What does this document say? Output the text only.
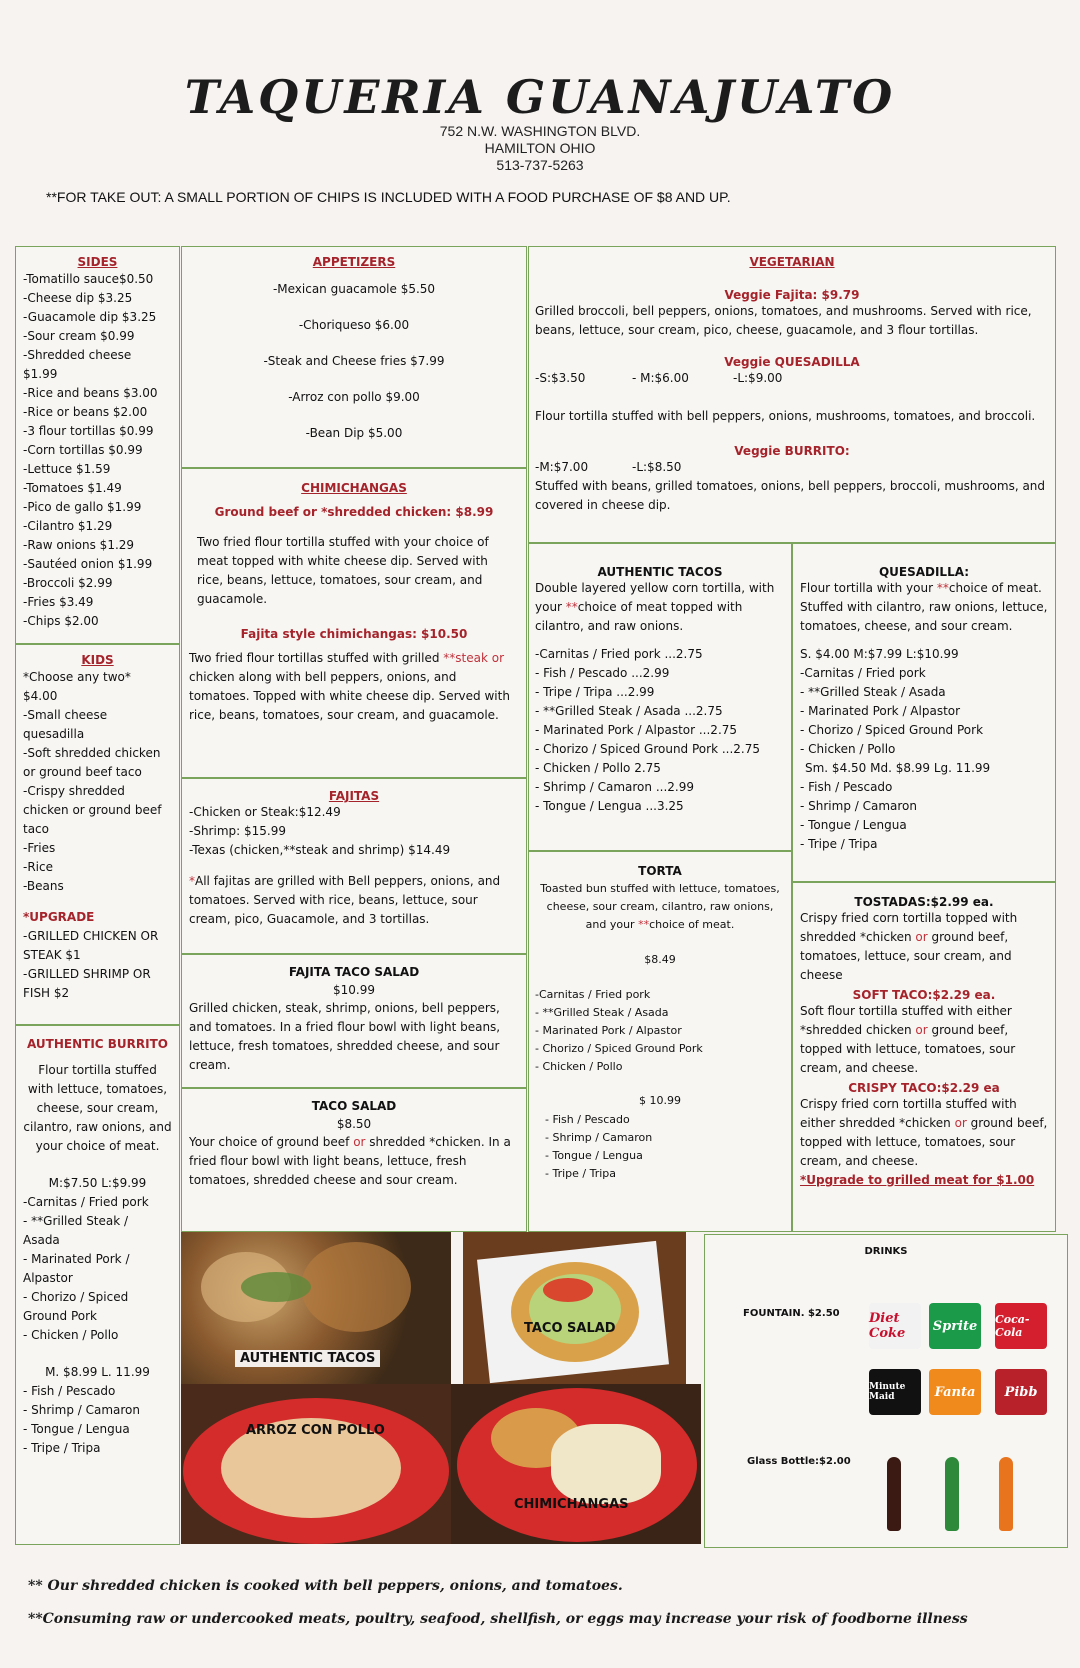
TAQUERIA GUANAJUATO
752 N.W. WASHINGTON BLVD.
HAMILTON OHIO
513-737-5263
**FOR TAKE OUT: A SMALL PORTION OF CHIPS IS INCLUDED WITH A FOOD PURCHASE OF $8 AND UP.
SIDES
-Tomatillo sauce$0.50
-Cheese dip $3.25
-Guacamole dip $3.25
-Sour cream $0.99
-Shredded cheese
$1.99
-Rice and beans $3.00
-Rice or beans $2.00
-3 flour tortillas $0.99
-Corn tortillas $0.99
-Lettuce $1.59
-Tomatoes $1.49
-Pico de gallo $1.99
-Cilantro $1.29
-Raw onions $1.29
-Sautéed onion $1.99
-Broccoli $2.99
-Fries $3.49
-Chips $2.00
KIDS
*Choose any two*
$4.00
-Small cheese
quesadilla
-Soft shredded chicken
or ground beef taco
-Crispy shredded
chicken or ground beef
taco
-Fries
-Rice
-Beans
*UPGRADE
-GRILLED CHICKEN OR
STEAK $1
-GRILLED SHRIMP OR
FISH $2
AUTHENTIC BURRITO
Flour tortilla stuffed
with lettuce, tomatoes,
cheese, sour cream,
cilantro, raw onions, and
your choice of meat.
M:$7.50 L:$9.99
-Carnitas / Fried pork
- **Grilled Steak /
Asada
- Marinated Pork /
Alpastor
- Chorizo / Spiced
Ground Pork
- Chicken / Pollo
M. $8.99 L. 11.99
- Fish / Pescado
- Shrimp / Camaron
- Tongue / Lengua
- Tripe / Tripa
APPETIZERS
-Mexican guacamole $5.50
-Choriqueso $6.00
-Steak and Cheese fries $7.99
-Arroz con pollo $9.00
-Bean Dip $5.00
CHIMICHANGAS
Ground beef or *shredded chicken: $8.99
Two fried flour tortilla stuffed with your choice of meat topped with white cheese dip. Served with rice, beans, lettuce, tomatoes, sour cream, and guacamole.
Fajita style chimichangas: $10.50
Two fried flour tortillas stuffed with grilled **steak or chicken along with bell peppers, onions, and tomatoes. Topped with white cheese dip. Served with rice, beans, tomatoes, sour cream, and guacamole.
FAJITAS
-Chicken or Steak:$12.49
-Shrimp: $15.99
-Texas (chicken,**steak and shrimp) $14.49
*All fajitas are grilled with Bell peppers, onions, and tomatoes. Served with rice, beans, lettuce, sour cream, pico, Guacamole, and 3 tortillas.
FAJITA TACO SALAD
$10.99
Grilled chicken, steak, shrimp, onions, bell peppers, and tomatoes. In a fried flour bowl with light beans, lettuce, fresh tomatoes, shredded cheese, and sour cream.
TACO SALAD
$8.50
Your choice of ground beef or shredded *chicken. In a fried flour bowl with light beans, lettuce, fresh tomatoes, shredded cheese and sour cream.
VEGETARIAN
Veggie Fajita: $9.79
Grilled broccoli, bell peppers, onions, tomatoes, and mushrooms. Served with rice, beans, lettuce, sour cream, pico, cheese, guacamole, and 3 flour tortillas.
Veggie QUESADILLA
-S:$3.50	- M:$6.00	-L:$9.00
Flour tortilla stuffed with bell peppers, onions, mushrooms, tomatoes, and broccoli.
Veggie BURRITO:
-M:$7.00	-L:$8.50
Stuffed with beans, grilled tomatoes, onions, bell peppers, broccoli, mushrooms, and covered in cheese dip.
AUTHENTIC TACOS
Double layered yellow corn tortilla, with your **choice of meat topped with cilantro, and raw onions.
-Carnitas / Fried pork ...2.75
- Fish / Pescado ...2.99
- Tripe / Tripa ...2.99
- **Grilled Steak / Asada ...2.75
- Marinated Pork / Alpastor ...2.75
- Chorizo / Spiced Ground Pork ...2.75
- Chicken / Pollo 2.75
- Shrimp / Camaron ...2.99
- Tongue / Lengua ...3.25
TORTA
Toasted bun stuffed with lettuce, tomatoes, cheese, sour cream, cilantro, raw onions, and your **choice of meat.
$8.49
-Carnitas / Fried pork
- **Grilled Steak / Asada
- Marinated Pork / Alpastor
- Chorizo / Spiced Ground Pork
- Chicken / Pollo
$ 10.99
- Fish / Pescado
- Shrimp / Camaron
- Tongue / Lengua
- Tripe / Tripa
QUESADILLA:
Flour tortilla with your **choice of meat. Stuffed with cilantro, raw onions, lettuce, tomatoes, cheese, and sour cream.
S. $4.00 M:$7.99 L:$10.99
-Carnitas / Fried pork
- **Grilled Steak / Asada
- Marinated Pork / Alpastor
- Chorizo / Spiced Ground Pork
- Chicken / Pollo
Sm. $4.50 Md. $8.99 Lg. 11.99
- Fish / Pescado
- Shrimp / Camaron
- Tongue / Lengua
- Tripe / Tripa
TOSTADAS:$2.99 ea.
Crispy fried corn tortilla topped with shredded *chicken or ground beef, tomatoes, lettuce, sour cream, and cheese
SOFT TACO:$2.29 ea.
Soft flour tortilla stuffed with either *shredded chicken or ground beef, topped with lettuce, tomatoes, sour cream, and cheese.
CRISPY TACO:$2.29 ea
Crispy fried corn tortilla stuffed with either shredded *chicken or ground beef, topped with lettuce, tomatoes, sour cream, and cheese.
*Upgrade to grilled meat for $1.00
AUTHENTIC TACOS
TACO SALAD
ARROZ CON POLLO
CHIMICHANGAS
DRINKS
FOUNTAIN. $2.50
Glass Bottle:$2.00
Diet Coke	Sprite	Coca-Cola
Minute Maid	Fanta	Pibb
** Our shredded chicken is cooked with bell peppers, onions, and tomatoes.
**Consuming raw or undercooked meats, poultry, seafood, shellfish, or eggs may increase your risk of foodborne illness
